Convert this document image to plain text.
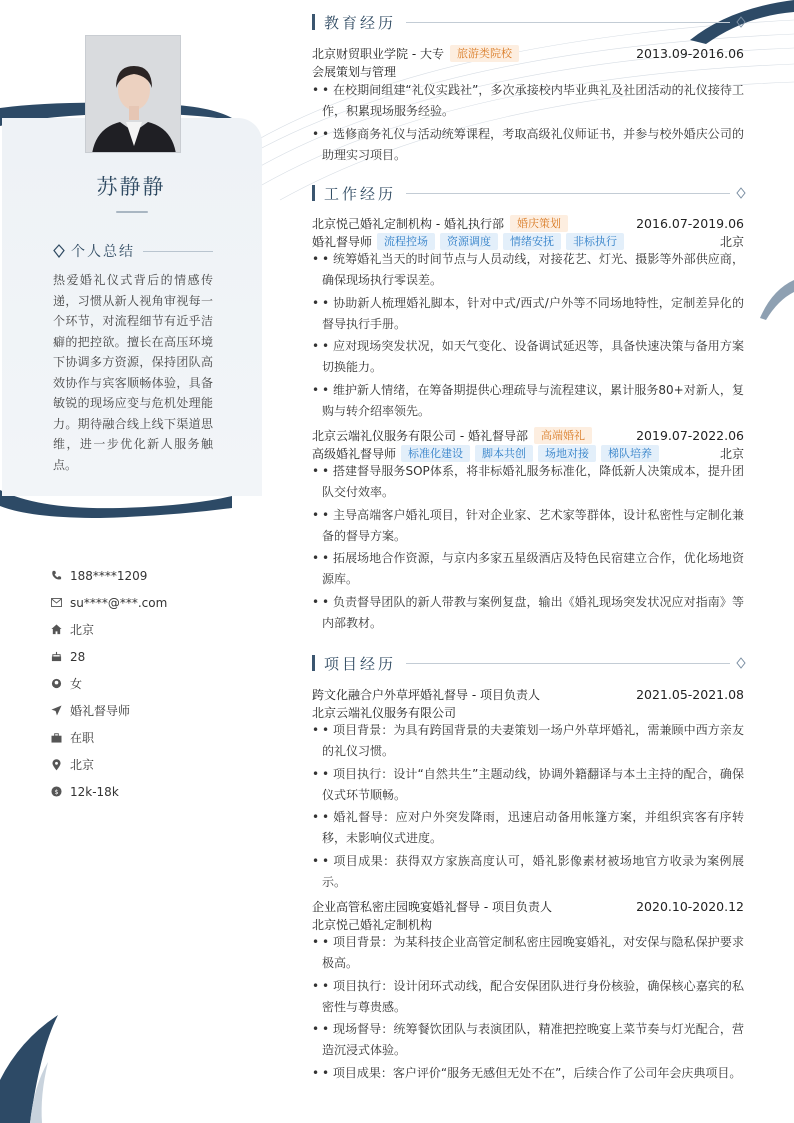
苏静静
个人总结
热爱婚礼仪式背后的情感传递，习惯从新人视角审视每一个环节，对流程细节有近乎洁癖的把控欲。擅长在高压环境下协调多方资源，保持团队高效协作与宾客顺畅体验，具备敏锐的现场应变与危机处理能力。期待融合线上线下渠道思维，进一步优化新人服务触点。
188****1209
su****@***.com
北京
28
女
婚礼督导师
在职
北京
$ 12k-18k
教育经历
北京财贸职业学院 - 大专	旅游类院校	2013.09-2016.06
会展策划与管理
• • 在校期间组建“礼仪实践社”，多次承接校内毕业典礼及社团活动的礼仪接待工作，积累现场服务经验。
• • 选修商务礼仪与活动统筹课程，考取高级礼仪师证书，并参与校外婚庆公司的助理实习项目。
工作经历
北京悦己婚礼定制机构 - 婚礼执行部	婚庆策划	2016.07-2019.06
婚礼督导师	流程控场	资源调度	情绪安抚	非标执行	北京
• • 统筹婚礼当天的时间节点与人员动线，对接花艺、灯光、摄影等外部供应商，确保现场执行零误差。
• • 协助新人梳理婚礼脚本，针对中式/西式/户外等不同场地特性，定制差异化的督导执行手册。
• • 应对现场突发状况，如天气变化、设备调试延迟等，具备快速决策与备用方案切换能力。
• • 维护新人情绪，在筹备期提供心理疏导与流程建议，累计服务80+对新人，复购与转介绍率领先。
北京云端礼仪服务有限公司 - 婚礼督导部	高端婚礼	2019.07-2022.06
高级婚礼督导师	标准化建设	脚本共创	场地对接	梯队培养	北京
• • 搭建督导服务SOP体系，将非标婚礼服务标准化，降低新人决策成本，提升团队交付效率。
• • 主导高端客户婚礼项目，针对企业家、艺术家等群体，设计私密性与定制化兼备的督导方案。
• • 拓展场地合作资源，与京内多家五星级酒店及特色民宿建立合作，优化场地资源库。
• • 负责督导团队的新人带教与案例复盘，输出《婚礼现场突发状况应对指南》等内部教材。
项目经历
跨文化融合户外草坪婚礼督导 - 项目负责人	2021.05-2021.08
北京云端礼仪服务有限公司
• • 项目背景：为具有跨国背景的夫妻策划一场户外草坪婚礼，需兼顾中西方亲友的礼仪习惯。
• • 项目执行：设计“自然共生”主题动线，协调外籍翻译与本土主持的配合，确保仪式环节顺畅。
• • 婚礼督导：应对户外突发降雨，迅速启动备用帐篷方案，并组织宾客有序转移，未影响仪式进度。
• • 项目成果：获得双方家族高度认可，婚礼影像素材被场地官方收录为案例展示。
企业高管私密庄园晚宴婚礼督导 - 项目负责人	2020.10-2020.12
北京悦己婚礼定制机构
• • 项目背景：为某科技企业高管定制私密庄园晚宴婚礼，对安保与隐私保护要求极高。
• • 项目执行：设计闭环式动线，配合安保团队进行身份核验，确保核心嘉宾的私密性与尊贵感。
• • 现场督导：统筹餐饮团队与表演团队，精准把控晚宴上菜节奏与灯光配合，营造沉浸式体验。
• • 项目成果：客户评价“服务无感但无处不在”，后续合作了公司年会庆典项目。
